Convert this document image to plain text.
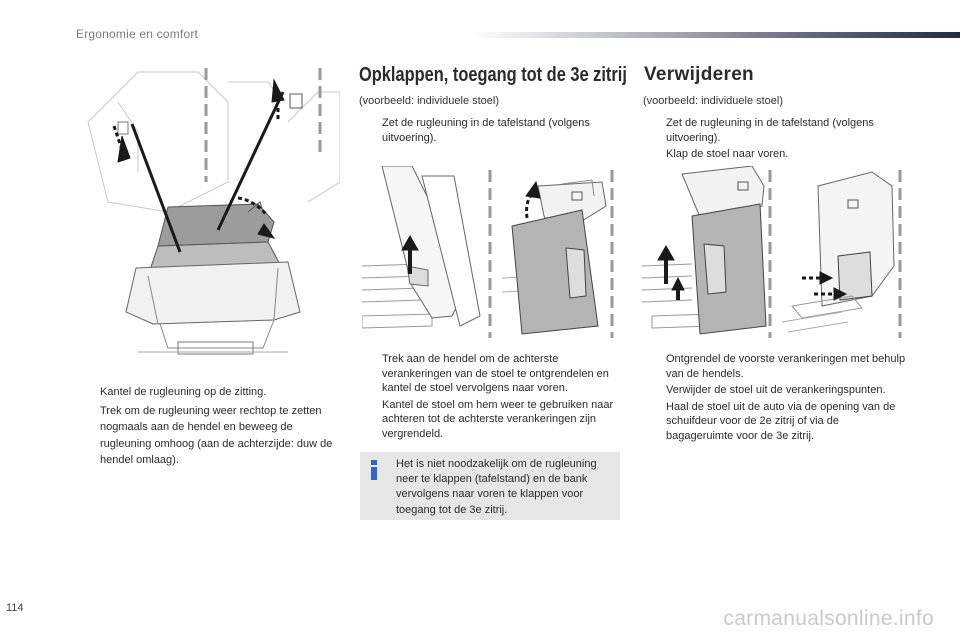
Ergonomie en comfort
Kantel de rugleuning op de zitting.
Trek om de rugleuning weer rechtop te zetten nogmaals aan de hendel en beweeg de rugleuning omhoog (aan de achterzijde: duw de hendel omlaag).
Opklappen, toegang tot de 3e zitrij
(voorbeeld: individuele stoel)
Zet de rugleuning in de tafelstand (volgens uitvoering).
Trek aan de hendel om de achterste verankeringen van de stoel te ontgrendelen en kantel de stoel vervolgens naar voren.
Kantel de stoel om hem weer te gebruiken naar achteren tot de achterste verankeringen zijn vergrendeld.
Het is niet noodzakelijk om de rugleuning neer te klappen (tafelstand) en de bank vervolgens naar voren te klappen voor toegang tot de 3e zitrij.
Verwijderen
(voorbeeld: individuele stoel)
Zet de rugleuning in de tafelstand (volgens uitvoering).
Klap de stoel naar voren.
Ontgrendel de voorste verankeringen met behulp van de hendels.
Verwijder de stoel uit de verankeringspunten.
Haal de stoel uit de auto via de opening van de schuifdeur voor de 2e zitrij of via de bagageruimte voor de 3e zitrij.
114	carmanualsonline.info
